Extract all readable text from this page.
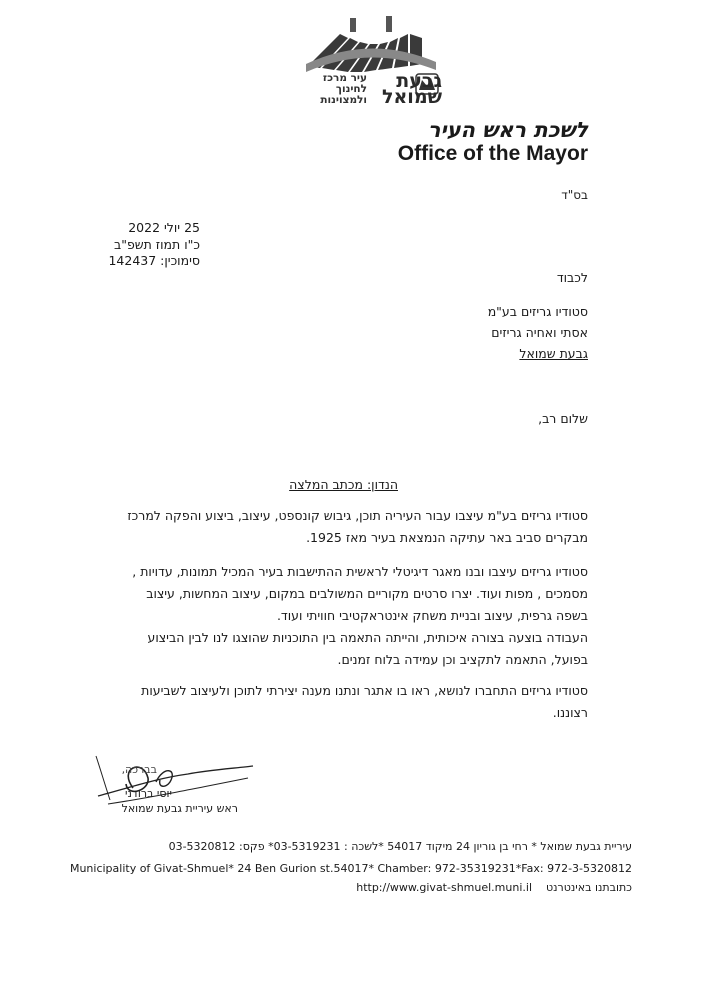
גבעת
שמואל
עיר מרכז
לחינוך
ולמצוינות
לשכת ראש העיר
Office of the Mayor
בס"ד
25 יולי 2022
כ"ו תמוז תשפ"ב
סימוכין: 142437
לכבוד
סטודיו גריזים בע"מ
אסתי ואחיה גריזים
גבעת שמואל
שלום רב,
הנדון: מכתב המלצה
סטודיו גריזים בע"מ עיצבו עבור העיריה תוכן, גיבוש קונספט, עיצוב, ביצוע והפקה למרכז מבקרים סביב באר עתיקה הנמצאת בעיר מאז 1925.
סטודיו גריזים עיצבו ובנו מאגר דיגיטלי לראשית ההתישבות בעיר המכיל תמונות, עדויות , מסמכים , מפות ועוד. יצרו סרטים מקוריים המשולבים במקום, עיצוב המחשות, עיצוב בשפה גרפית, עיצוב ובניית משחק אינטראקטיבי חוויתי ועוד.
העבודה בוצעה בצורה איכותית, והייתה התאמה בין התוכניות שהוצגו לנו לבין הביצוע בפועל, התאמה לתקציב וכן עמידה בלוח זמנים.
סטודיו גריזים התחברו לנושא, ראו בו אתגר ונתנו מענה יצירתי לתוכן ולעיצוב לשביעות רצוננו.
בברכה,
יוסי ברודני
ראש עיריית גבעת שמואל
עיריית גבעת שמואל * רחי בן גוריון 24 מיקוד 54017 *לשכה : 03-5319231* פקס: 03-5320812
Municipality of Givat-Shmuel* 24 Ben Gurion st.54017* Chamber: 972-35319231*Fax: 972-3-5320812
כתובתנו באינטרנט    http://www.givat-shmuel.muni.il
